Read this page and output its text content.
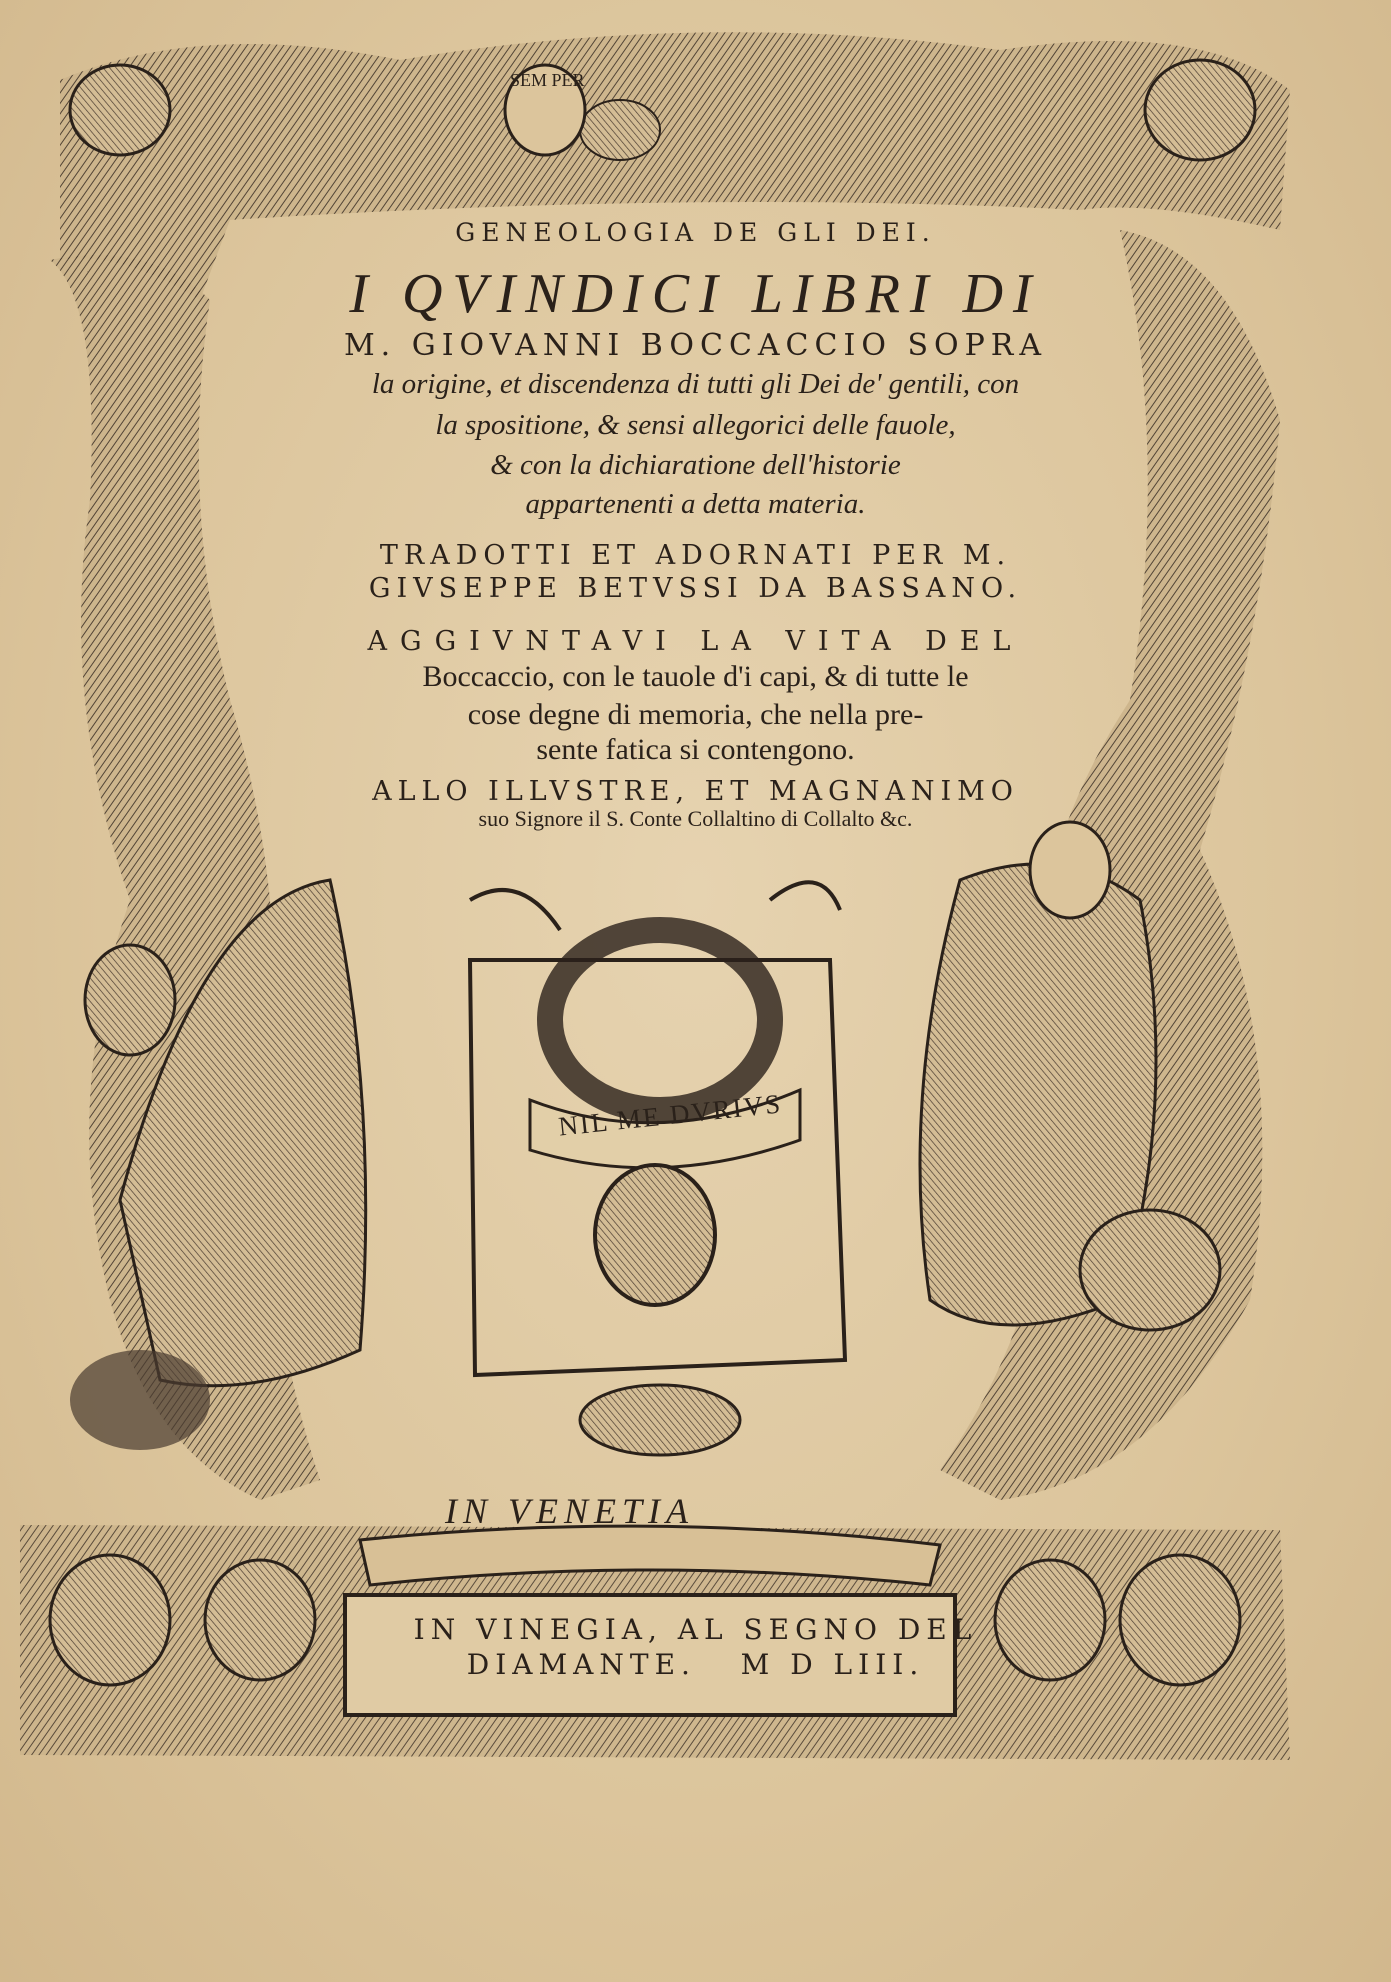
SEM PER
GENEOLOGIA DE GLI DEI.
I QVINDICI LIBRI DI
M. GIOVANNI BOCCACCIO SOPRA
la origine, et discendenza di tutti gli Dei de' gentili, con
la spositione, & sensi allegorici delle fauole,
& con la dichiaratione dell'historie
appartenenti a detta materia.
TRADOTTI ET ADORNATI PER M.
GIVSEPPE BETVSSI DA BASSANO.
AGGIVNTAVI LA VITA DEL
Boccaccio, con le tauole d'i capi, & di tutte le
cose degne di memoria, che nella pre-
sente fatica si contengono.
ALLO ILLVSTRE, ET MAGNANIMO
suo Signore il S. Conte Collaltino di Collalto &c.
NIL ME DVRIVS
IN VENETIA
IN VINEGIA, AL SEGNO DEL
DIAMANTE.   M D LIII.
